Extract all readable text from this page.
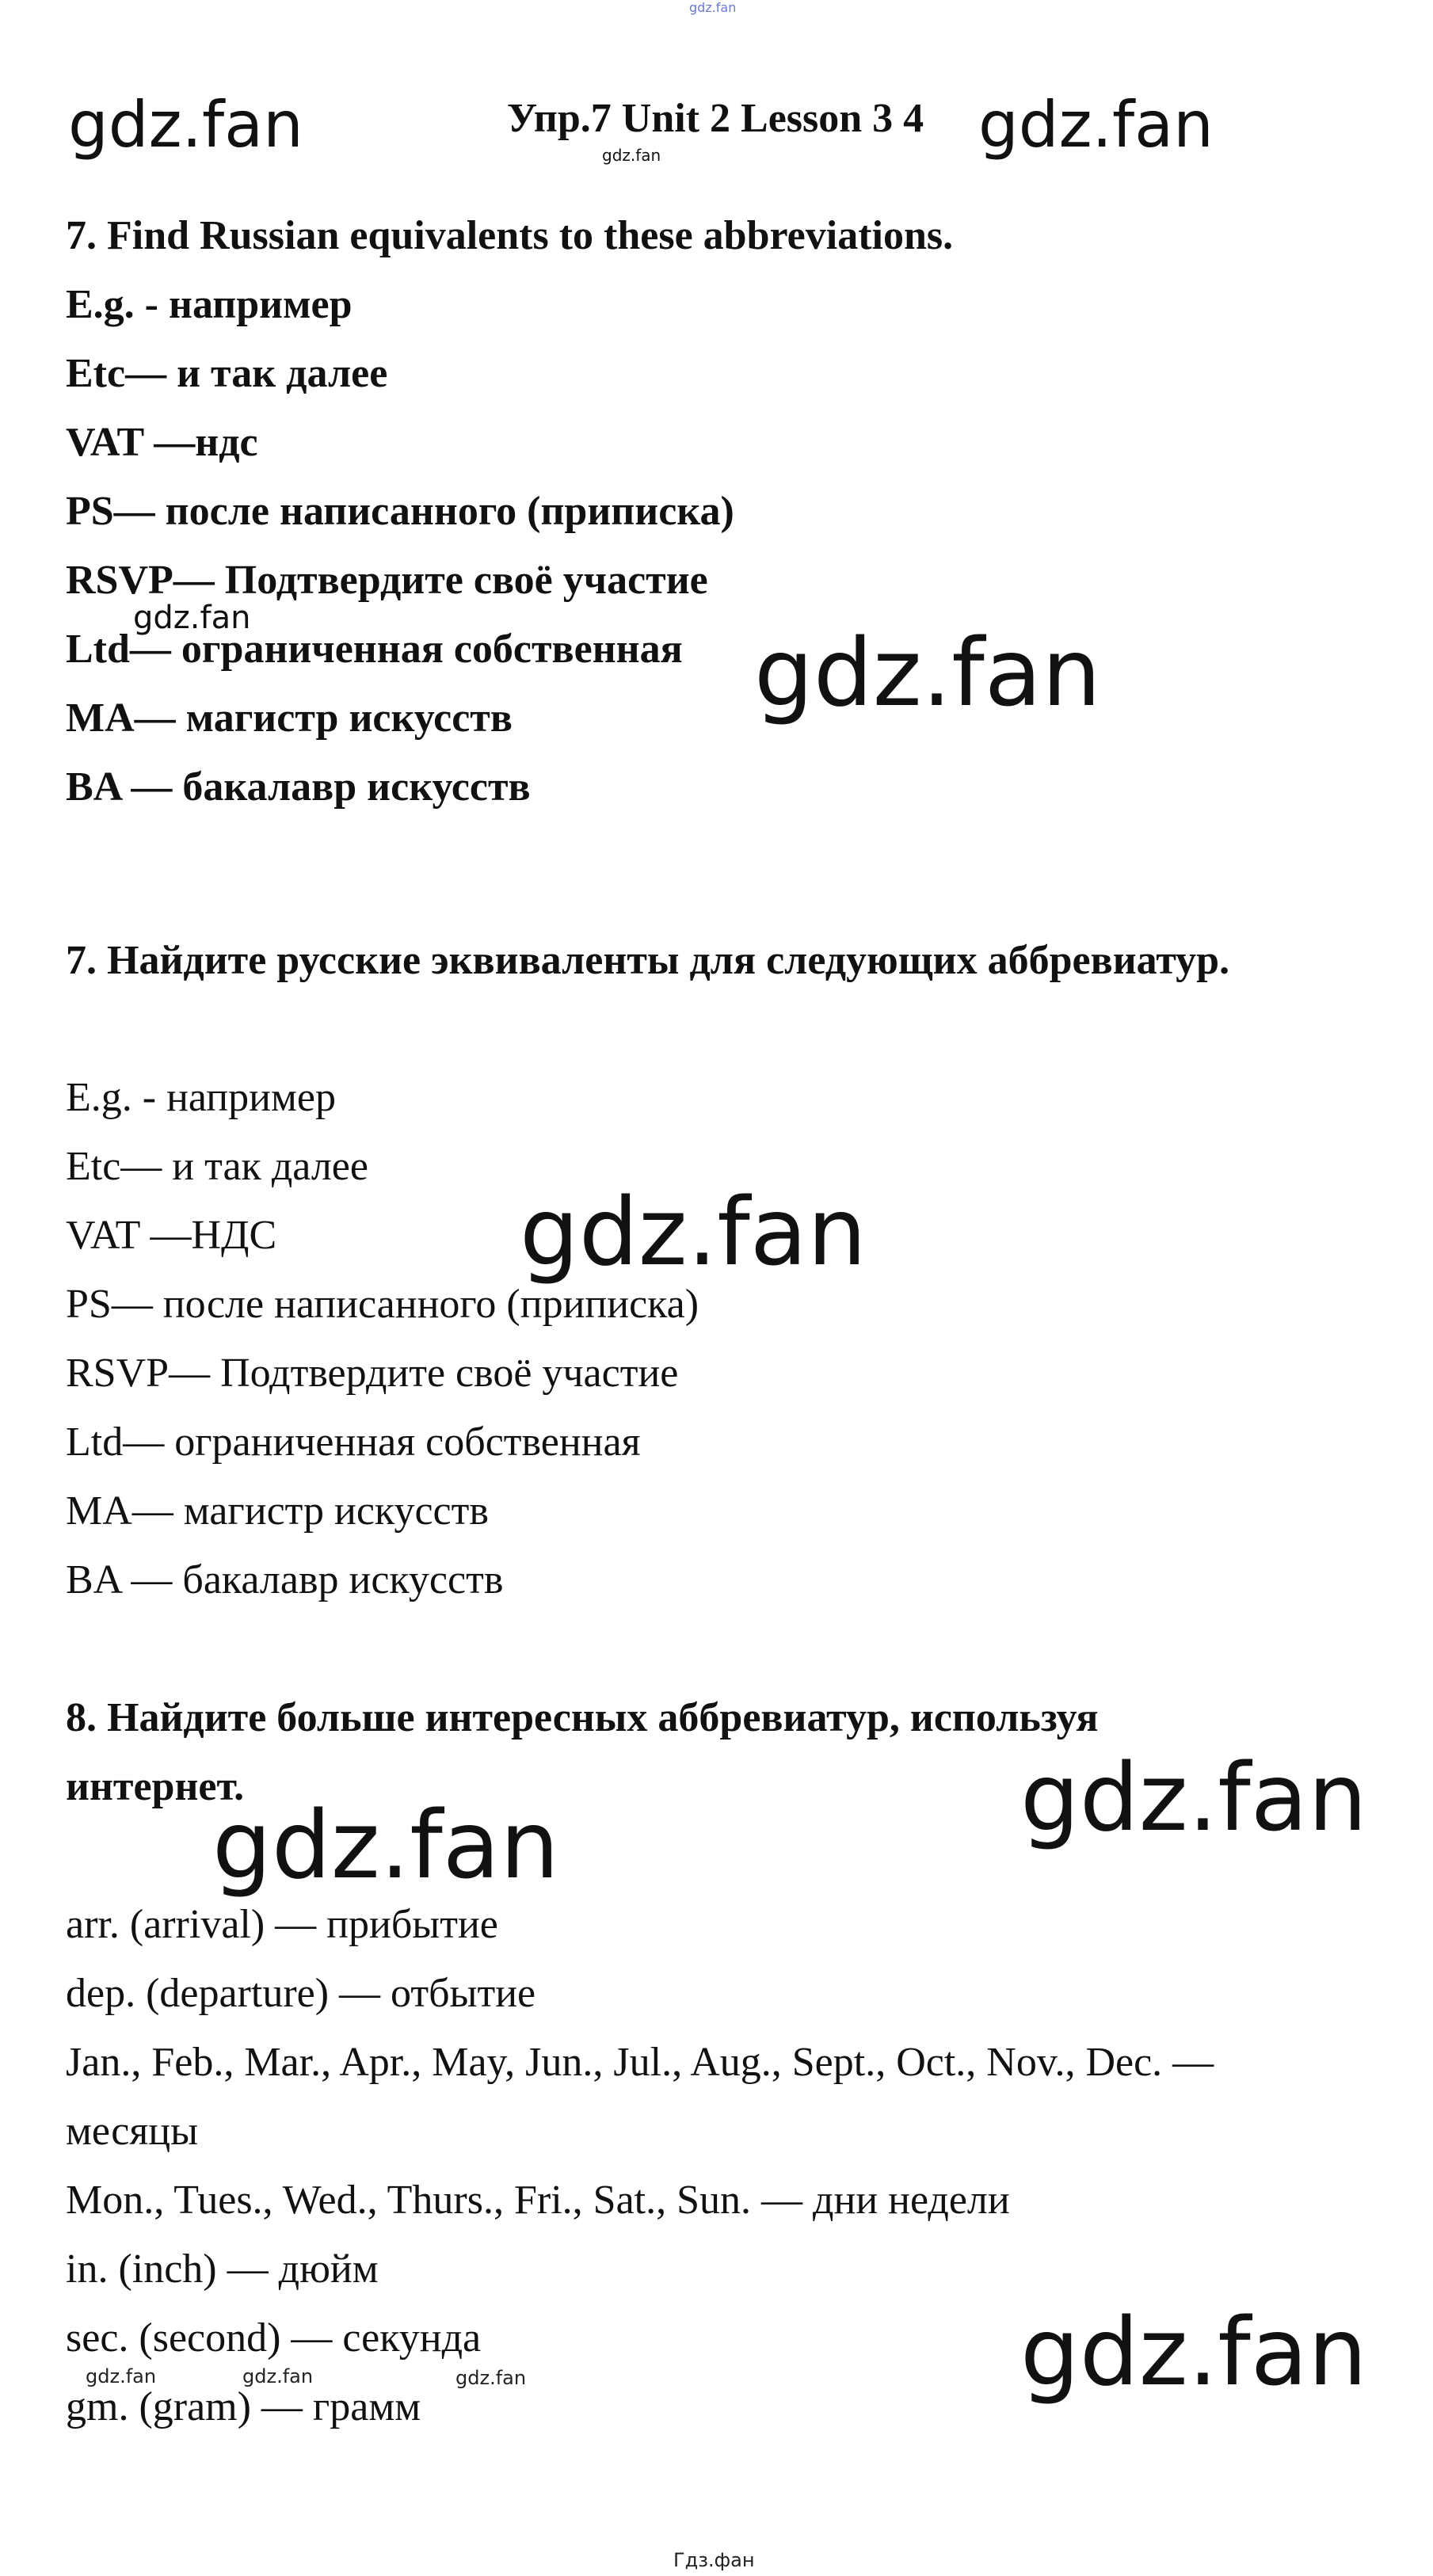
gdz.fan
gdz.fan	gdz.fan
gdz.fan
gdz.fan	gdz.fan
gdz.fan
gdz.fan
gdz.fan
gdz.fan
gdz.fan	gdz.fan	gdz.fan
Упр.7 Unit 2 Lesson 3 4
7. Find Russian equivalents to these abbreviations.
E.g. - например
Etc— и так далее
VAT —ндс
PS— после написанного (приписка)
RSVP— Подтвердите своё участие
Ltd— ограниченная собственная
MA— магистр искусств
BA — бакалавр искусств
7. Найдите русские эквиваленты для следующих аббревиатур.
E.g. - например
Etc— и так далее
VAT —НДС
PS— после написанного (приписка)
RSVP— Подтвердите своё участие
Ltd— ограниченная собственная
MA— магистр искусств
BA — бакалавр искусств
8. Найдите больше интересных аббревиатур, используя
интернет.
arr. (arrival) — прибытие
dep. (departure) — отбытие
Jan., Feb., Mar., Apr., May, Jun., Jul., Aug., Sept., Oct., Nov., Dec. —
месяцы
Mon., Tues., Wed., Thurs., Fri., Sat., Sun. — дни недели
in. (inch) — дюйм
sec. (second) — секунда
gm. (gram) — грамм
Гдз.фан
